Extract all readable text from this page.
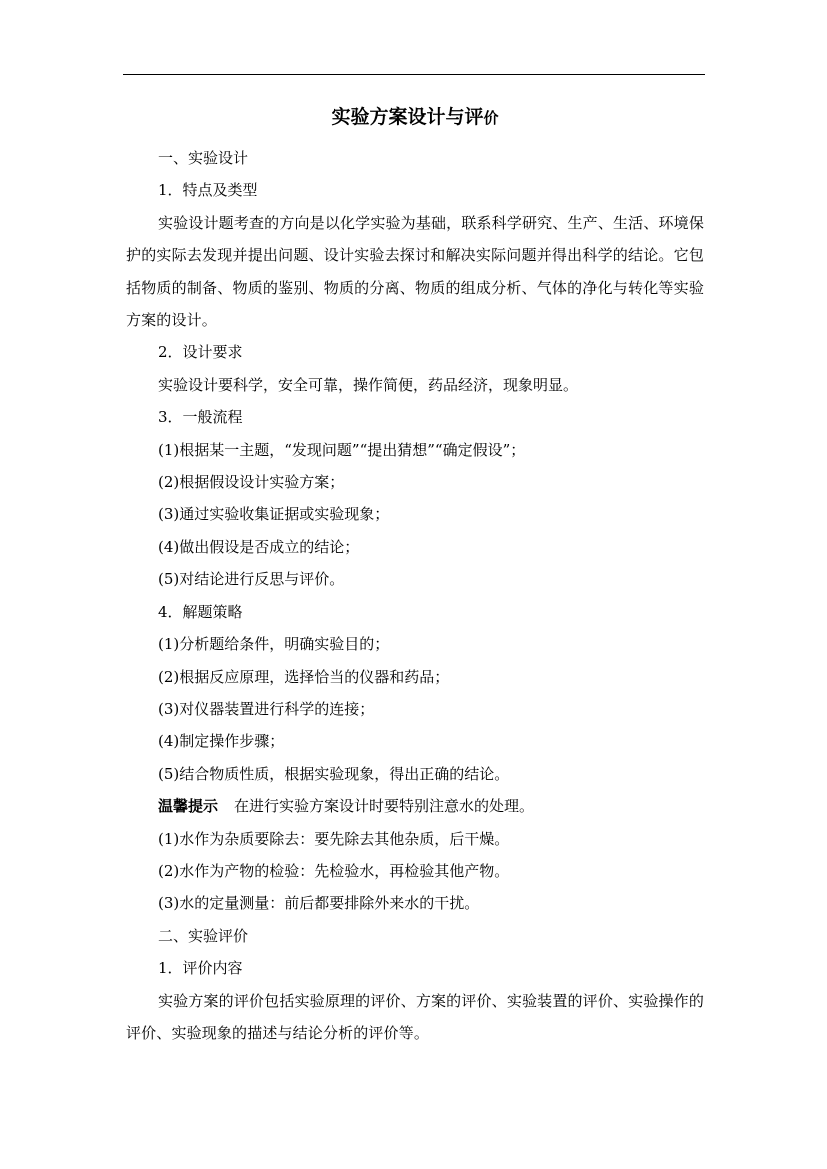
实验方案设计与评价

一、实验设计

1．特点及类型

实验设计题考查的方向是以化学实验为基础，联系科学研究、生产、生活、环境保护的实际去发现并提出问题、设计实验去探讨和解决实际问题并得出科学的结论。它包括物质的制备、物质的鉴别、物质的分离、物质的组成分析、气体的净化与转化等实验方案的设计。

2．设计要求

实验设计要科学，安全可靠，操作简便，药品经济，现象明显。

3．一般流程

(1)根据某一主题，“发现问题”“提出猜想”“确定假设”；

(2)根据假设设计实验方案；

(3)通过实验收集证据或实验现象；

(4)做出假设是否成立的结论；

(5)对结论进行反思与评价。

4．解题策略

(1)分析题给条件，明确实验目的；

(2)根据反应原理，选择恰当的仪器和药品；

(3)对仪器装置进行科学的连接；

(4)制定操作步骤；

(5)结合物质性质，根据实验现象，得出正确的结论。

温馨提示 在进行实验方案设计时要特别注意水的处理。

(1)水作为杂质要除去：要先除去其他杂质，后干燥。

(2)水作为产物的检验：先检验水，再检验其他产物。

(3)水的定量测量：前后都要排除外来水的干扰。

二、实验评价

1．评价内容

实验方案的评价包括实验原理的评价、方案的评价、实验装置的评价、实验操作的评价、实验现象的描述与结论分析的评价等。
